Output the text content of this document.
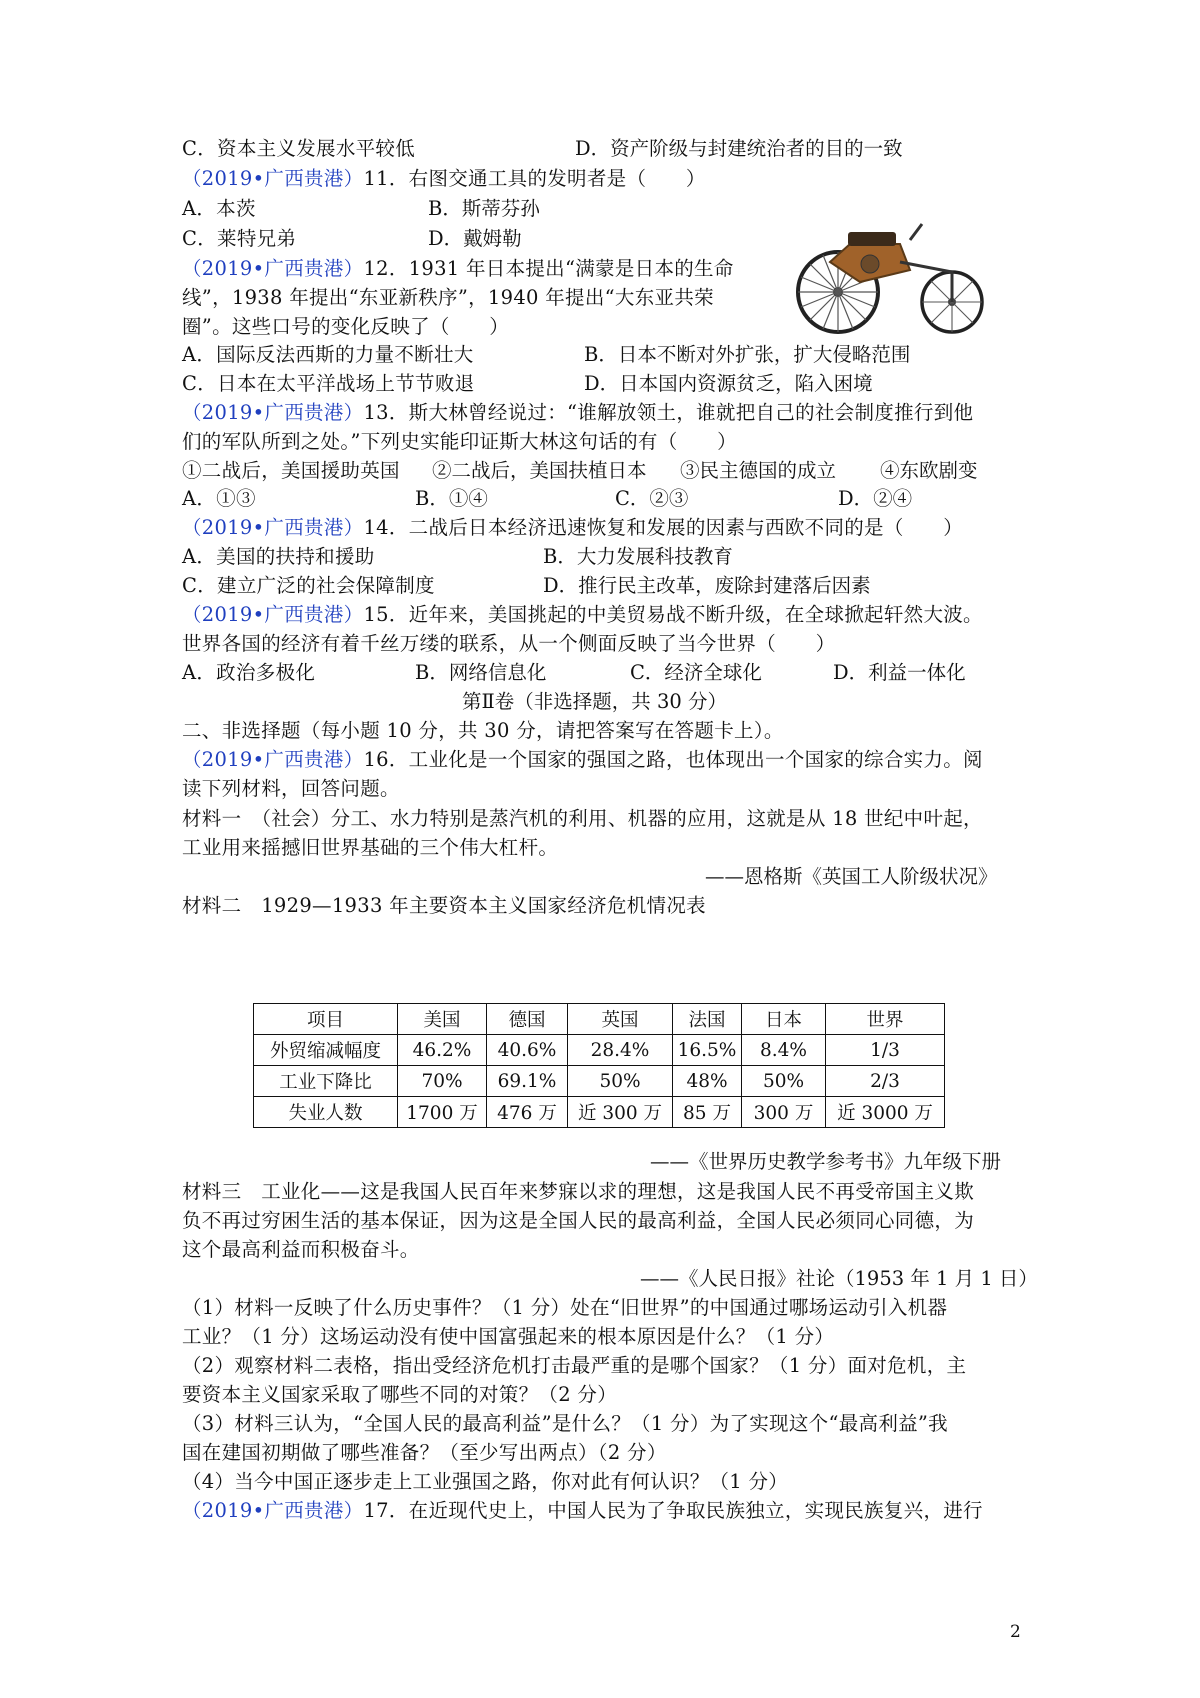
C．资本主义发展水平较低	D．资产阶级与封建统治者的目的一致
（2019•广西贵港）11．右图交通工具的发明者是（　　）
A．本茨	B．斯蒂芬孙
C．莱特兄弟	D．戴姆勒
（2019•广西贵港）12．1931 年日本提出“满蒙是日本的生命
线”，1938 年提出“东亚新秩序”，1940 年提出“大东亚共荣
圈”。这些口号的变化反映了（　　）
A．国际反法西斯的力量不断壮大	B．日本不断对外扩张，扩大侵略范围
C．日本在太平洋战场上节节败退	D．日本国内资源贫乏，陷入困境
（2019•广西贵港）13．斯大林曾经说过：“谁解放领土，谁就把自己的社会制度推行到他
们的军队所到之处。”下列史实能印证斯大林这句话的有（　　）
①二战后，美国援助英国 ②二战后，美国扶植日本 ③民主德国的成立 ④东欧剧变
A．①③	B．①④	C．②③	D．②④
（2019•广西贵港）14．二战后日本经济迅速恢复和发展的因素与西欧不同的是（　　）
A．美国的扶持和援助	B．大力发展科技教育
C．建立广泛的社会保障制度	D．推行民主改革，废除封建落后因素
（2019•广西贵港）15．近年来，美国挑起的中美贸易战不断升级，在全球掀起轩然大波。
世界各国的经济有着千丝万缕的联系，从一个侧面反映了当今世界（　　）
A．政治多极化	B．网络信息化	C．经济全球化	D．利益一体化
第Ⅱ卷（非选择题，共 30 分）
二、非选择题（每小题 10 分，共 30 分，请把答案写在答题卡上）。
（2019•广西贵港）16．工业化是一个国家的强国之路，也体现出一个国家的综合实力。阅
读下列材料，回答问题。
材料一　（社会）分工、水力特别是蒸汽机的利用、机器的应用，这就是从 18 世纪中叶起，
工业用来摇撼旧世界基础的三个伟大杠杆。
——恩格斯《英国工人阶级状况》
材料二　1929—1933 年主要资本主义国家经济危机情况表
项目	美国	德国	英国	法国	日本	世界
外贸缩减幅度	46.2%	40.6%	28.4%	16.5%	8.4%	1/3
工业下降比	70%	69.1%	50%	48%	50%	2/3
失业人数	1700 万	476 万	近 300 万	85 万	300 万	近 3000 万
——《世界历史教学参考书》九年级下册
材料三　工业化——这是我国人民百年来梦寐以求的理想，这是我国人民不再受帝国主义欺
负不再过穷困生活的基本保证，因为这是全国人民的最高利益，全国人民必须同心同德，为
这个最高利益而积极奋斗。
——《人民日报》社论（1953 年 1 月 1 日）
（1）材料一反映了什么历史事件？（1 分）处在“旧世界”的中国通过哪场运动引入机器
工业？（1 分）这场运动没有使中国富强起来的根本原因是什么？（1 分）
（2）观察材料二表格，指出受经济危机打击最严重的是哪个国家？（1 分）面对危机，主
要资本主义国家采取了哪些不同的对策？（2 分）
（3）材料三认为，“全国人民的最高利益”是什么？（1 分）为了实现这个“最高利益”我
国在建国初期做了哪些准备？（至少写出两点）（2 分）
（4）当今中国正逐步走上工业强国之路，你对此有何认识？（1 分）
（2019•广西贵港）17．在近现代史上，中国人民为了争取民族独立，实现民族复兴，进行
2
